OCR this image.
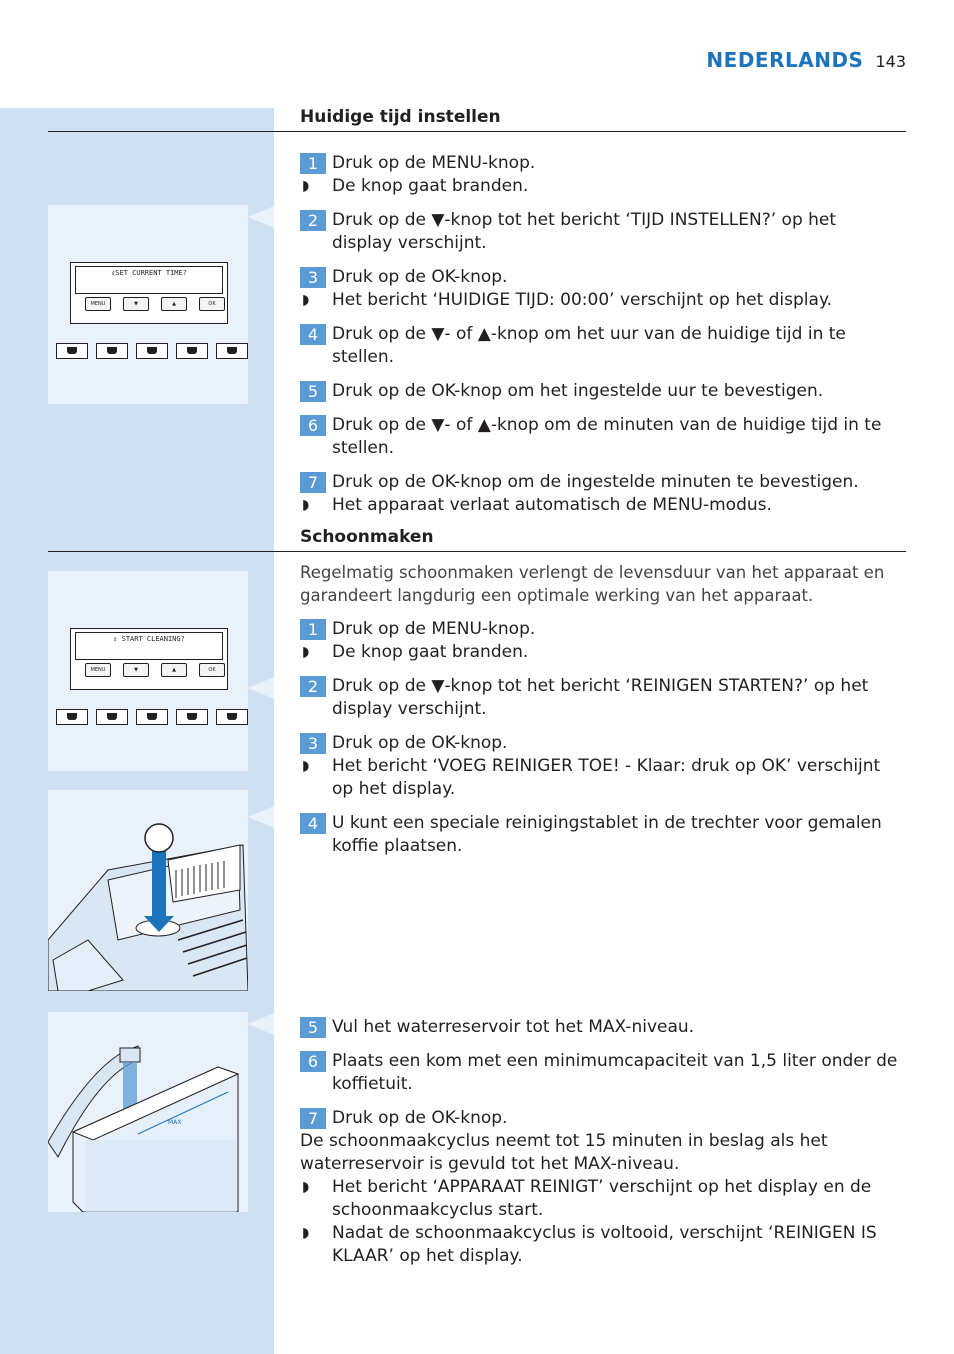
NEDERLANDS 143
Huidige tijd instellen

1 Druk op de MENU-knop.

◗ De knop gaat branden.

2 Druk op de ▼-knop tot het bericht ‘TIJD INSTELLEN?’ op het display verschijnt.

3 Druk op de OK-knop.

◗ Het bericht ‘HUIDIGE TIJD: 00:00’ verschijnt op het display.

4 Druk op de ▼- of ▲-knop om het uur van de huidige tijd in te stellen.

5 Druk op de OK-knop om het ingestelde uur te bevestigen.

6 Druk op de ▼- of ▲-knop om de minuten van de huidige tijd in te stellen.

7 Druk op de OK-knop om de ingestelde minuten te bevestigen.

◗ Het apparaat verlaat automatisch de MENU-modus.

⇕SET CURRENT TIME?
MENU	▼	▲	OK
Schoonmaken

Regelmatig schoonmaken verlengt de levensduur van het apparaat en garandeert langdurig een optimale werking van het apparaat.

1 Druk op de MENU-knop.

◗ De knop gaat branden.

2 Druk op de ▼-knop tot het bericht ‘REINIGEN STARTEN?’ op het display verschijnt.

3 Druk op de OK-knop.

◗ Het bericht ‘VOEG REINIGER TOE! - Klaar: druk op OK’ verschijnt op het display.

4 U kunt een speciale reinigingstablet in de trechter voor gemalen koffie plaatsen.

⇕ START CLEANING?
MENU	▼	▲	OK

5 Vul het waterreservoir tot het MAX-niveau.

6 Plaats een kom met een minimumcapaciteit van 1,5 liter onder de koffietuit.

7 Druk op de OK-knop.

De schoonmaakcyclus neemt tot 15 minuten in beslag als het waterreservoir is gevuld tot het MAX-niveau.

◗ Het bericht ‘APPARAAT REINIGT’ verschijnt op het display en de schoonmaakcyclus start.

◗ Nadat de schoonmaakcyclus is voltooid, verschijnt ‘REINIGEN IS KLAAR’ op het display.

MAX
